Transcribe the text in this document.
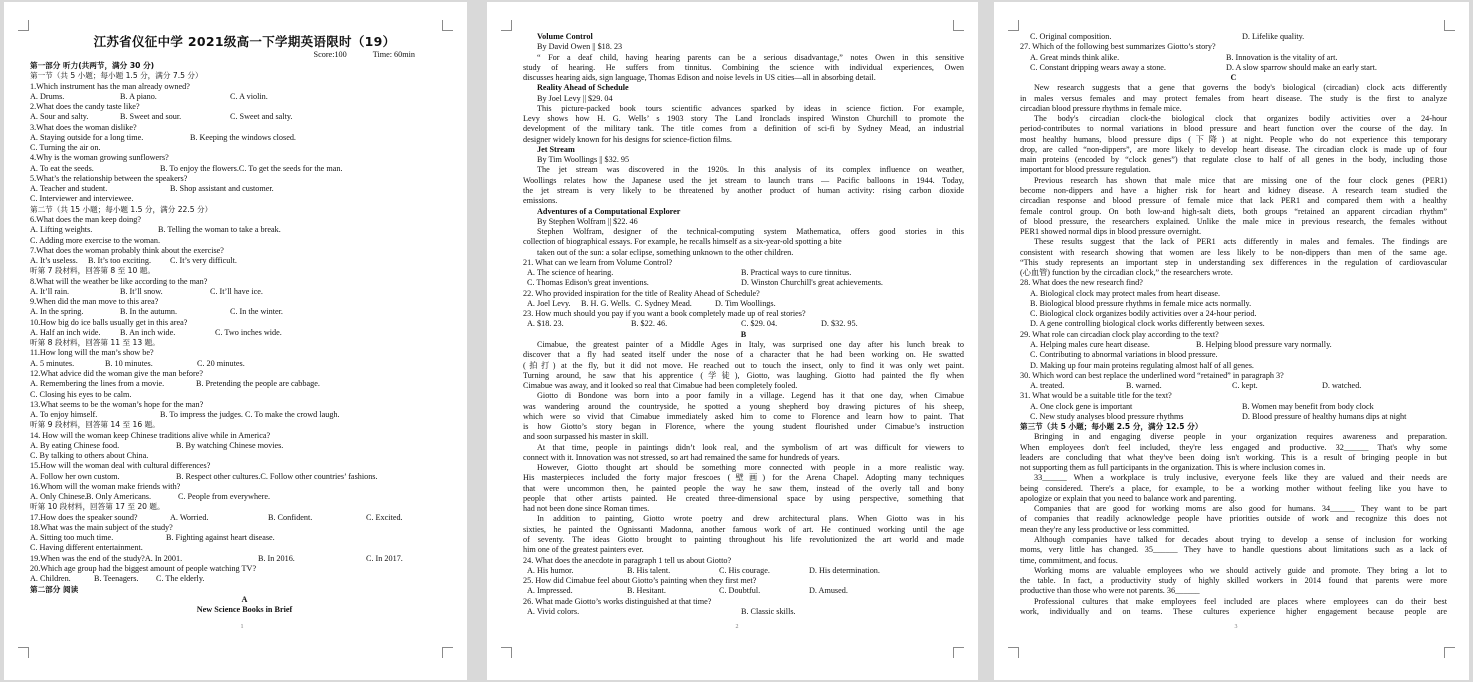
江苏省仪征中学 2021级高一下学期英语限时（19）
Score:100	Time: 60min
第一部分 听力(共两节，满分 30 分)
第一节（共 5 小题；每小题 1.5 分，满分 7.5 分）
1.Which instrument has the man already owned?
A. Drums.	B. A piano.	C. A violin.
2.What does the candy taste like?
A. Sour and salty.	B. Sweet and sour.	C. Sweet and salty.
3.What does the woman dislike?
A. Staying outside for a long time.	B. Keeping the windows closed.
C. Turning the air on.
4.Why is the woman growing sunflowers?
A. To eat the seeds.	B. To enjoy the flowers.C. To get the seeds for the man.
5.What’s the relationship between the speakers?
A. Teacher and student.	B. Shop assistant and customer.
C. Interviewer and interviewee.
第二节（共 15 小题；每小题 1.5 分，满分 22.5 分）
6.What does the man keep doing?
A. Lifting weights.	B. Telling the woman to take a break.
C. Adding more exercise to the woman.
7.What does the woman probably think about the exercise?
A. It’s useless.	B. It’s too exciting.	C. It’s very difficult.
听第 7 段材料，回答第 8 至 10 题。
8.What will the weather be like according to the man?
A. It’ll rain.	B. It’ll snow.	C. It’ll have ice.
9.When did the man move to this area?
A. In the spring.	B. In the autumn.	C. In the winter.
10.How big do ice balls usually get in this area?
A. Half an inch wide.	B. An inch wide.	C. Two inches wide.
听第 8 段材料，回答第 11 至 13 题。
11.How long will the man’s show be?
A. 5 minutes.	B. 10 minutes.	C. 20 minutes.
12.What advice did the woman give the man before?
A. Remembering the lines from a movie.	B. Pretending the people are cabbage.
C. Closing his eyes to be calm.
13.What seems to be the woman’s hope for the man?
A. To enjoy himself.	B. To impress the judges. C. To make the crowd laugh.
听第 9 段材料，回答第 14 至 16 题。
14. How will the woman keep Chinese traditions alive while in America?
A. By eating Chinese food.	B. By watching Chinese movies.
C. By talking to others about China.
15.How will the woman deal with cultural differences?
A. Follow her own custom.	B. Respect other cultures.C. Follow other countries’ fashions.
16.Whom will the woman make friends with?
A. Only Chinese. B. Only Americans.	C. People from everywhere.
听第 10 段材料，回答第 17 至 20 题。
17.How does the speaker sound?	A. Worried.	B. Confident.	C. Excited.
18.What was the main subject of the study?
A. Sitting too much time.	B. Fighting against heart disease.
C. Having different entertainment.
19.When was the end of the study?A. In 2001.	B. In 2016.	C. In 2017.
20.Which age group had the biggest amount of people watching TV?
A. Children.	B. Teenagers.	C. The elderly.
第二部分 阅读
A
New Science Books in Brief
1
Volume Control
By David Owen || $18. 23
“ For a deaf child, having hearing parents can be a serious disadvantage,” notes Owen in this sensitive
study of hearing. He suffers from tinnitus. Combining the science with individual experiences, Owen
discusses hearing aids, sign language, Thomas Edison and noise levels in US cities—all in absorbing detail.
Reality Ahead of Schedule
By Joel Levy || $29. 04
This picture-packed book tours scientific advances sparked by ideas in science fiction. For example,
Levy shows how H. G. Wells’ s 1903 story The Land Ironclads inspired Winston Churchill to promote the
development of the military tank. The title comes from a definition of sci-fi by Sydney Mead, an industrial
designer widely known for his designs for science-fiction films.
Jet Stream
By Tim Woollings || $32. 95
The jet stream was discovered in the 1920s. In this analysis of its complex influence on weather,
Woollings relates how the Japanese used the jet stream to launch trans — Pacific balloons in 1944. Today,
the jet stream is very likely to be threatened by another product of human activity: rising carbon dioxide
emissions.
Adventures of a Computational Explorer
By Stephen Wolfram || $22. 46
Stephen Wolfram, designer of the technical-computing system Mathematica, offers good stories in this
collection of biographical essays. For example, he recalls himself as a six-year-old spotting a bite
taken out of the sun: a solar eclipse, something unknown to the other children.
21. What can we learn from Volume Control?
A. The science of hearing.	B. Practical ways to cure tinnitus.
C. Thomas Edison's great inventions.	D. Winston Churchill's great achievements.
22. Who provided inspiration for the title of Reality Ahead of Schedule?
A. Joel Levy.	B. H. G. Wells. C. Sydney Mead.	D. Tim Woollings.
23. How much should you pay if you want a book completely made up of real stories?
A. $18. 23.	B. $22. 46.	C. $29. 04.	D. $32. 95.
B
Cimabue, the greatest painter of a Middle Ages in Italy, was surprised one day after his lunch break to
discover that a fly had seated itself under the nose of a character that he had been working on. He swatted
(拍打) at the fly, but it did not move. He reached out to touch the insect, only to find it was only wet paint.
Turning around, he saw that his apprentice (学徒), Giotto, was laughing. Giotto had painted the fly when
Cimabue was away, and it looked so real that Cimabue had been completely fooled.
Giotto di Bondone was born into a poor family in a village. Legend has it that one day, when Cimabue
was wandering around the countryside, he spotted a young shepherd boy drawing pictures of his sheep,
which were so vivid that Cimabue immediately asked him to come to Florence and learn how to paint. That
is how Giotto’s story began in Florence, where the young student flourished under Cimabue’s instruction
and soon surpassed his master in skill.
At that time, people in paintings didn’t look real, and the symbolism of art was difficult for viewers to
connect with it. Innovation was not stressed, so art had remained the same for hundreds of years.
However, Giotto thought art should be something more connected with people in a more realistic way.
His masterpieces included the forty major frescoes (壁画) for the Arena Chapel. Adopting many techniques
that were uncommon then, he painted people the way he saw them, instead of the overly tall and bony
people that other artists painted. He created three-dimensional space by using perspective, something that
had not been done since Roman times.
In addition to painting, Giotto wrote poetry and drew architectural plans. When Giotto was in his
sixties, he painted the Ognissanti Madonna, another famous work of art. He continued working until the age
of seventy. The ideas Giotto brought to painting throughout his life revolutionized the art world and made
him one of the greatest painters ever.
24. What does the anecdote in paragraph 1 tell us about Giotto?
A. His humor.	B. His talent.	C. His courage.	D. His determination.
25. How did Cimabue feel about Giotto’s painting when they first met?
A. Impressed.	B. Hesitant.	C. Doubtful.	D. Amused.
26. What made Giotto’s works distinguished at that time?
A. Vivid colors.	B. Classic skills.
2
C. Original composition.	D. Lifelike quality.
27. Which of the following best summarizes Giotto’s story?
A. Great minds think alike.	B. Innovation is the vitality of art.
C. Constant dripping wears away a stone.	D. A slow sparrow should make an early start.
C
New research suggests that a gene that governs the body's biological (circadian) clock acts differently
in males versus females and may protect females from heart disease. The study is the first to analyze
circadian blood pressure rhythms in female mice.
The body's circadian clock-the biological clock that organizes bodily activities over a 24-hour
period-contributes to normal variations in blood pressure and heart function over the course of the day. In
most healthy humans, blood pressure dips (下降) at night. People who do not experience this temporary
drop, are called “non-dippers”, are more likely to develop heart disease. The circadian clock is made up of four
main proteins (encoded by “clock genes”) that regulate close to half of all genes in the body, including those
important for blood pressure regulation.
Previous research has shown that male mice that are missing one of the four clock genes (PER1)
become non-dippers and have a higher risk for heart and kidney disease. A research team studied the
circadian response and blood pressure of female mice that lack PER1 and compared them with a healthy
female control group. On both low-and high-salt diets, both groups “retained an apparent circadian rhythm”
of blood pressure, the researchers explained. Unlike the male mice in previous research, the females without
PER1 showed normal dips in blood pressure overnight.
These results suggest that the lack of PER1 acts differently in males and females. The findings are
consistent with research showing that women are less likely to be non-dippers than men of the same age.
“This study represents an important step in understanding sex differences in the regulation of cardiovascular
(心血管) function by the circadian clock,” the researchers wrote.
28. What does the new research find?
A. Biological clock may protect males from heart disease.
B. Biological blood pressure rhythms in female mice acts normally.
C. Biological clock organizes bodily activities over a 24-hour period.
D. A gene controlling biological clock works differently between sexes.
29. What role can circadian clock play according to the text?
A. Helping males cure heart disease.	B. Helping blood pressure vary normally.
C. Contributing to abnormal variations in blood pressure.
D. Making up four main proteins regulating almost half of all genes.
30. Which word can best replace the underlined word “retained” in paragraph 3?
A. treated.	B. warned.	C. kept.	D. watched.
31. What would be a suitable title for the text?
A. One clock gene is important	B. Women may benefit from body clock
C. New study analyses blood pressure rhythms	D. Blood pressure of healthy humans dips at night
第三节（共 5 小题；每小题 2.5 分，满分 12.5 分）
Bringing in and engaging diverse people in your organization requires awareness and preparation.
When employees don't feel included, they're less engaged and productive. 32______ That's why some
leaders are concluding that what they've been doing isn't working. This is a result of bringing people in but
not supporting them as full participants in the organization. This is where inclusion comes in.
33______ When a workplace is truly inclusive, everyone feels like they are valued and their needs are
being considered. There's a place, for example, to be a working mother without feeling like you have to
apologize or explain that you need to balance work and parenting.
Companies that are good for working moms are also good for humans. 34______ They want to be part
of companies that readily acknowledge people have priorities outside of work and recognize this does not
mean they're any less productive or less committed.
Although companies have talked for decades about trying to develop a sense of inclusion for working
moms, very little has changed. 35______ They have to handle questions about limitations such as a lack of
time, commitment, and focus.
Working moms are valuable employees who we should actively guide and promote. They bring a lot to
the table. In fact, a productivity study of highly skilled workers in 2014 found that parents were more
productive than those who were not parents. 36______
Professional cultures that make employees feel included are places where employees can do their best
work, individually and on teams. These cultures experience higher engagement because people are
3
